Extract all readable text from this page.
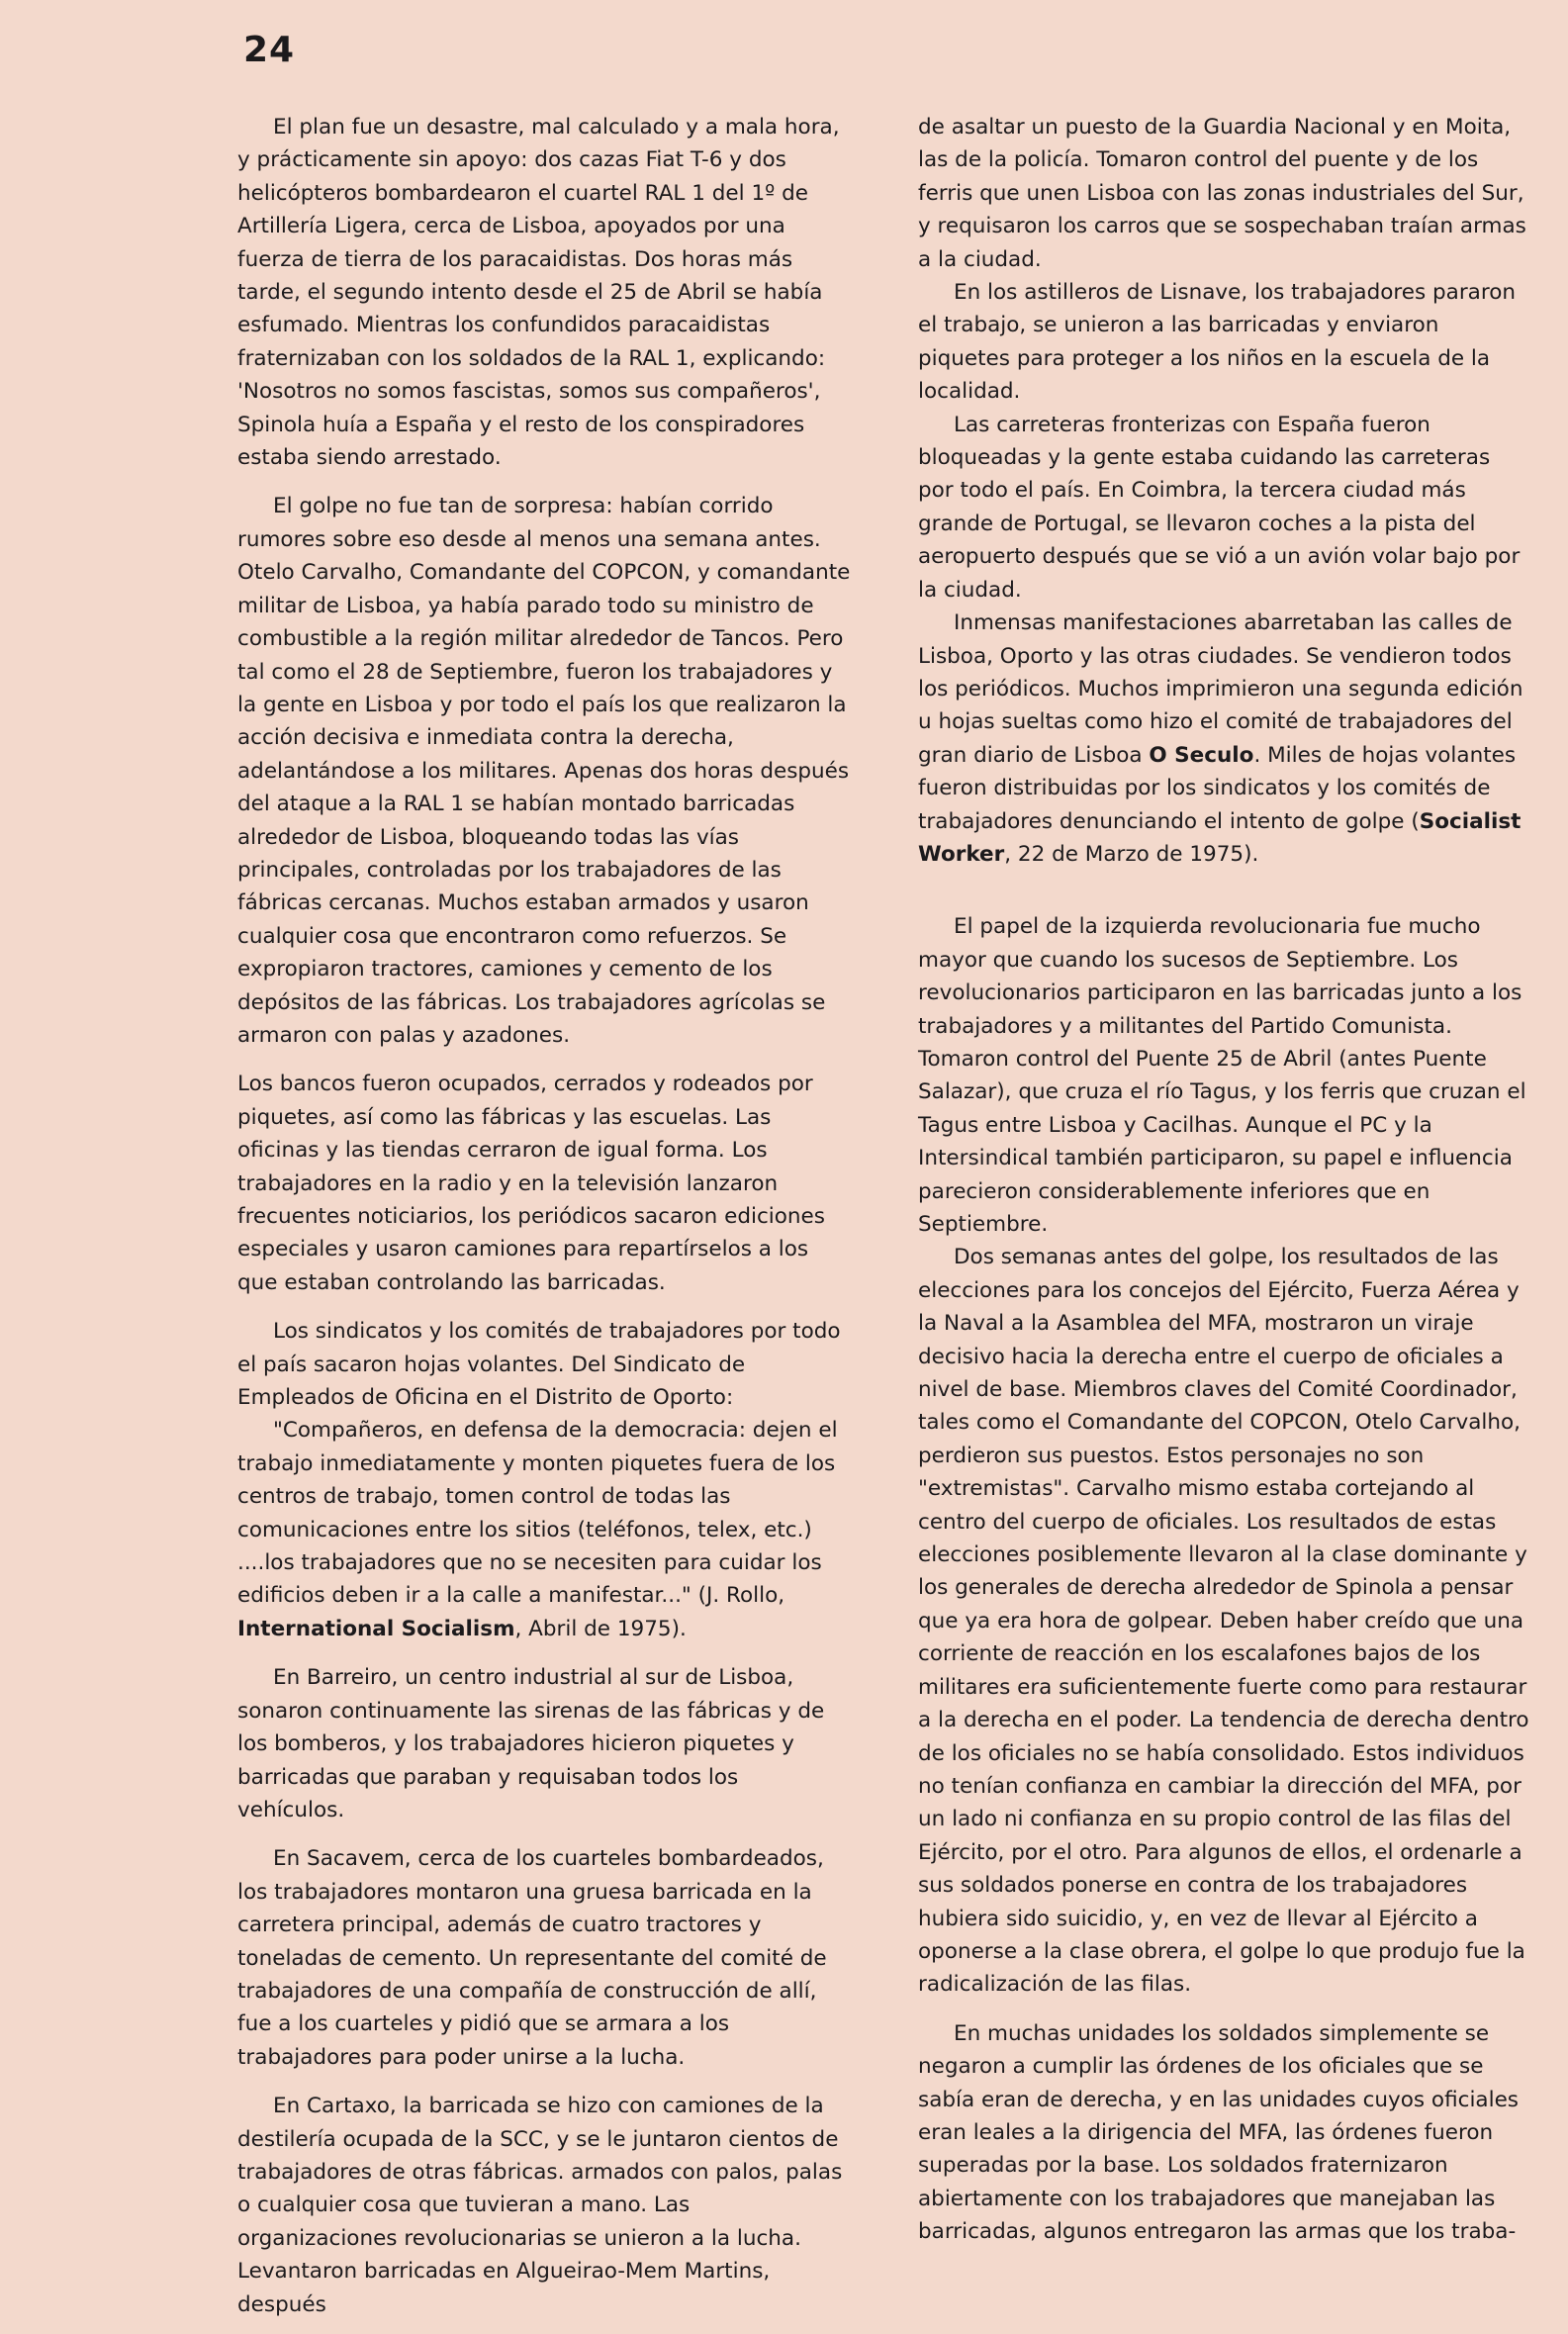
24

El plan fue un desastre, mal calculado y a mala hora, y prácticamente sin apoyo: dos cazas Fiat T-6 y dos helicópteros bombardearon el cuartel RAL 1 del 1º de Artillería Ligera, cerca de Lisboa, apoyados por una fuerza de tierra de los paracaidistas. Dos horas más tarde, el segundo intento desde el 25 de Abril se había esfumado. Mientras los confundidos paracaidistas fraternizaban con los soldados de la RAL 1, explicando: 'Nosotros no somos fascistas, somos sus compañeros', Spinola huía a España y el resto de los conspiradores estaba siendo arrestado.

El golpe no fue tan de sorpresa: habían corrido rumores sobre eso desde al menos una semana antes. Otelo Carvalho, Comandante del COPCON, y comandante militar de Lisboa, ya había parado todo su ministro de combustible a la región militar alrededor de Tancos. Pero tal como el 28 de Septiembre, fueron los trabajadores y la gente en Lisboa y por todo el país los que realizaron la acción decisiva e inmediata contra la derecha, adelantándose a los militares. Apenas dos horas después del ataque a la RAL 1 se habían montado barricadas alrededor de Lisboa, bloqueando todas las vías principales, controladas por los trabajadores de las fábricas cercanas. Muchos estaban armados y usaron cualquier cosa que encontraron como refuerzos. Se expropiaron tractores, camiones y cemento de los depósitos de las fábricas. Los trabajadores agrícolas se armaron con palas y azadones.

Los bancos fueron ocupados, cerrados y rodeados por piquetes, así como las fábricas y las escuelas. Las oficinas y las tiendas cerraron de igual forma. Los trabajadores en la radio y en la televisión lanzaron frecuentes noticiarios, los periódicos sacaron ediciones especiales y usaron camiones para repartírselos a los que estaban controlando las barricadas.

Los sindicatos y los comités de trabajadores por todo el país sacaron hojas volantes. Del Sindicato de Empleados de Oficina en el Distrito de Oporto:

"Compañeros, en defensa de la democracia: dejen el trabajo inmediatamente y monten piquetes fuera de los centros de trabajo, tomen control de todas las comunicaciones entre los sitios (teléfonos, telex, etc.) ....los trabajadores que no se necesiten para cuidar los edificios deben ir a la calle a manifestar..." (J. Rollo,

International Socialism, Abril de 1975).

En Barreiro, un centro industrial al sur de Lisboa, sonaron continuamente las sirenas de las fábricas y de los bomberos, y los trabajadores hicieron piquetes y barricadas que paraban y requisaban todos los vehículos.

En Sacavem, cerca de los cuarteles bombardeados, los trabajadores montaron una gruesa barricada en la carretera principal, además de cuatro tractores y toneladas de cemento. Un representante del comité de trabajadores de una compañía de construcción de allí, fue a los cuarteles y pidió que se armara a los trabajadores para poder unirse a la lucha.

En Cartaxo, la barricada se hizo con camiones de la destilería ocupada de la SCC, y se le juntaron cientos de trabajadores de otras fábricas. armados con palos, palas o cualquier cosa que tuvieran a mano. Las organizaciones revolucionarias se unieron a la lucha. Levantaron barricadas en Algueirao-Mem Martins, después

de asaltar un puesto de la Guardia Nacional y en Moita, las de la policía. Tomaron control del puente y de los ferris que unen Lisboa con las zonas industriales del Sur, y requisaron los carros que se sospechaban traían armas a la ciudad.

En los astilleros de Lisnave, los trabajadores pararon el trabajo, se unieron a las barricadas y enviaron piquetes para proteger a los niños en la escuela de la localidad.

Las carreteras fronterizas con España fueron bloqueadas y la gente estaba cuidando las carreteras por todo el país. En Coimbra, la tercera ciudad más grande de Portugal, se llevaron coches a la pista del aeropuerto después que se vió a un avión volar bajo por la ciudad.

Inmensas manifestaciones abarretaban las calles de Lisboa, Oporto y las otras ciudades. Se vendieron todos los periódicos. Muchos imprimieron una segunda edición u hojas sueltas como hizo el comité de trabajadores del gran diario de Lisboa O Seculo. Miles de hojas volantes fueron distribuidas por los sindicatos y los comités de trabajadores denunciando el intento de golpe (Socialist Worker, 22 de Marzo de 1975).

El papel de la izquierda revolucionaria fue mucho mayor que cuando los sucesos de Septiembre. Los revolucionarios participaron en las barricadas junto a los trabajadores y a militantes del Partido Comunista. Tomaron control del Puente 25 de Abril (antes Puente Salazar), que cruza el río Tagus, y los ferris que cruzan el Tagus entre Lisboa y Cacilhas. Aunque el PC y la Intersindical también participaron, su papel e influencia parecieron considerablemente inferiores que en Septiembre.

Dos semanas antes del golpe, los resultados de las elecciones para los concejos del Ejército, Fuerza Aérea y la Naval a la Asamblea del MFA, mostraron un viraje decisivo hacia la derecha entre el cuerpo de oficiales a nivel de base. Miembros claves del Comité Coordinador, tales como el Comandante del COPCON, Otelo Carvalho, perdieron sus puestos. Estos personajes no son "extremistas". Carvalho mismo estaba cortejando al centro del cuerpo de oficiales. Los resultados de estas elecciones posiblemente llevaron al la clase dominante y los generales de derecha alrededor de Spinola a pensar que ya era hora de golpear. Deben haber creído que una corriente de reacción en los escalafones bajos de los militares era suficientemente fuerte como para restaurar a la derecha en el poder. La tendencia de derecha dentro de los oficiales no se había consolidado. Estos individuos no tenían confianza en cambiar la dirección del MFA, por un lado ni confianza en su propio control de las filas del Ejército, por el otro. Para algunos de ellos, el ordenarle a sus soldados ponerse en contra de los trabajadores hubiera sido suicidio, y, en vez de llevar al Ejército a oponerse a la clase obrera, el golpe lo que produjo fue la radicalización de las filas.

En muchas unidades los soldados simplemente se negaron a cumplir las órdenes de los oficiales que se sabía eran de derecha, y en las unidades cuyos oficiales eran leales a la dirigencia del MFA, las órdenes fueron superadas por la base. Los soldados fraternizaron abiertamente con los trabajadores que manejaban las barricadas, algunos entregaron las armas que los traba-
